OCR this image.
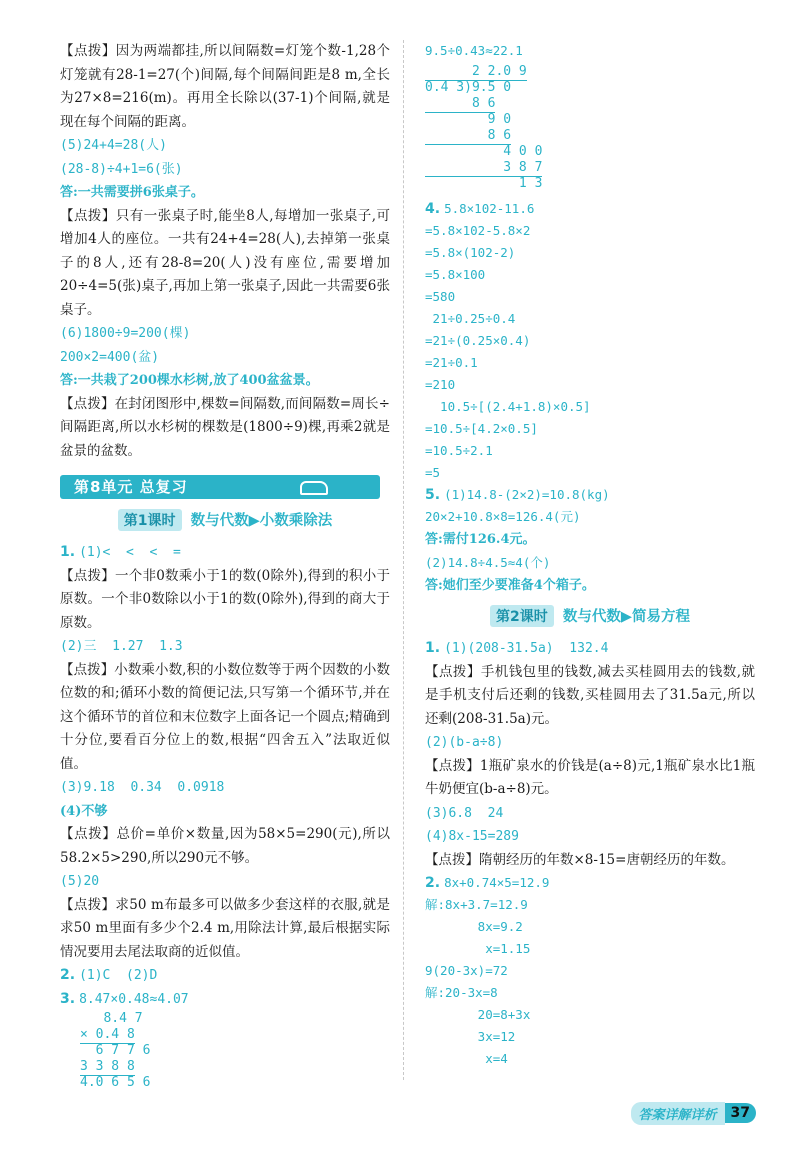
【点拨】因为两端都挂,所以间隔数=灯笼个数-1,28个灯笼就有28-1=27(个)间隔,每个间隔间距是8 m,全长为27×8=216(m)。再用全长除以(37-1)个间隔,就是现在每个间隔的距离。

(5)24+4=28(人)

(28-8)÷4+1=6(张)

答:一共需要拼6张桌子。

【点拨】只有一张桌子时,能坐8人,每增加一张桌子,可增加4人的座位。一共有24+4=28(人),去掉第一张桌子的8人,还有28-8=20(人)没有座位,需要增加20÷4=5(张)桌子,再加上第一张桌子,因此一共需要6张桌子。

(6)1800÷9=200(棵)

200×2=400(盆)

答:一共栽了200棵水杉树,放了400盆盆景。

【点拨】在封闭图形中,棵数=间隔数,而间隔数=周长÷间隔距离,所以水杉树的棵数是(1800÷9)棵,再乘2就是盆景的盆数。

第8单元 总复习
第1课时 数与代数▶小数乘除法

1. (1)<  <  <  =

【点拨】一个非0数乘小于1的数(0除外),得到的积小于原数。一个非0数除以小于1的数(0除外),得到的商大于原数。

(2)三  1.27  1.3

【点拨】小数乘小数,积的小数位数等于两个因数的小数位数的和;循环小数的简便记法,只写第一个循环节,并在这个循环节的首位和末位数字上面各记一个圆点;精确到十分位,要看百分位上的数,根据“四舍五入”法取近似值。

(3)9.18  0.34  0.0918

(4)不够

【点拨】总价=单价×数量,因为58×5=290(元),所以58.2×5>290,所以290元不够。

(5)20

【点拨】求50 m布最多可以做多少套这样的衣服,就是求50 m里面有多少个2.4 m,用除法计算,最后根据实际情况要用去尾法取商的近似值。

2. (1)C  (2)D

3. 8.47×0.48≈4.07

8.4 7
× 0.4 8
6 7 7 6
3 3 8 8
4.0 6 5 6

9.5÷0.43≈22.1

2 2.0 9
0.4 3)9.5 0
8 6
9 0
8 6
4 0 0
3 8 7
1 3

4. 5.8×102-11.6

=5.8×102-5.8×2

=5.8×(102-2)

=5.8×100

=580

21÷0.25÷0.4

=21÷(0.25×0.4)

=21÷0.1

=210

10.5÷[(2.4+1.8)×0.5]

=10.5÷[4.2×0.5]

=10.5÷2.1

=5

5. (1)14.8-(2×2)=10.8(kg)

20×2+10.8×8=126.4(元)

答:需付126.4元。

(2)14.8÷4.5≈4(个)

答:她们至少要准备4个箱子。

第2课时 数与代数▶简易方程

1. (1)(208-31.5a)  132.4

【点拨】手机钱包里的钱数,减去买桂圆用去的钱数,就是手机支付后还剩的钱数,买桂圆用去了31.5a元,所以还剩(208-31.5a)元。

(2)(b-a÷8)

【点拨】1瓶矿泉水的价钱是(a÷8)元,1瓶矿泉水比1瓶牛奶便宜(b-a÷8)元。

(3)6.8  24

(4)8x-15=289

【点拨】隋朝经历的年数×8-15=唐朝经历的年数。

2. 8x+0.74×5=12.9

解:8x+3.7=12.9

8x=9.2

x=1.15

9(20-3x)=72

解:20-3x=8

20=8+3x

3x=12

x=4

答案详解详析	37
